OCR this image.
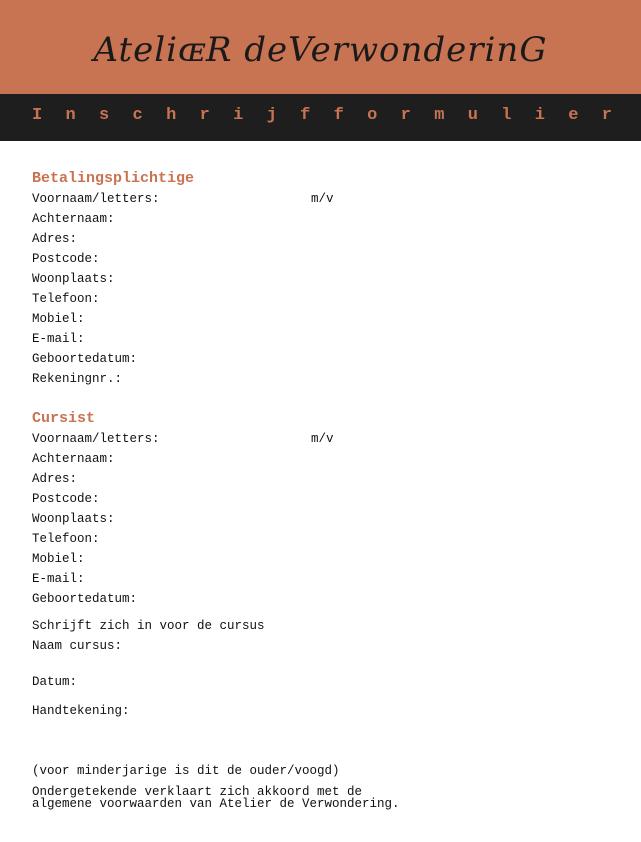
AteliɶR deVerwonderinG
I n s c h r i j f f o r m u l i e r
Betalingsplichtige
Voornaam/letters:	m/v
Achternaam:
Adres:
Postcode:
Woonplaats:
Telefoon:
Mobiel:
E-mail:
Geboortedatum:
Rekeningnr.:
Cursist
Voornaam/letters:	m/v
Achternaam:
Adres:
Postcode:
Woonplaats:
Telefoon:
Mobiel:
E-mail:
Geboortedatum:
Schrijft zich in voor de cursus
Naam cursus:
Datum:
Handtekening:
(voor minderjarige is dit de ouder/voogd)
Ondergetekende verklaart zich akkoord met de
algemene voorwaarden van Atelier de Verwondering.
